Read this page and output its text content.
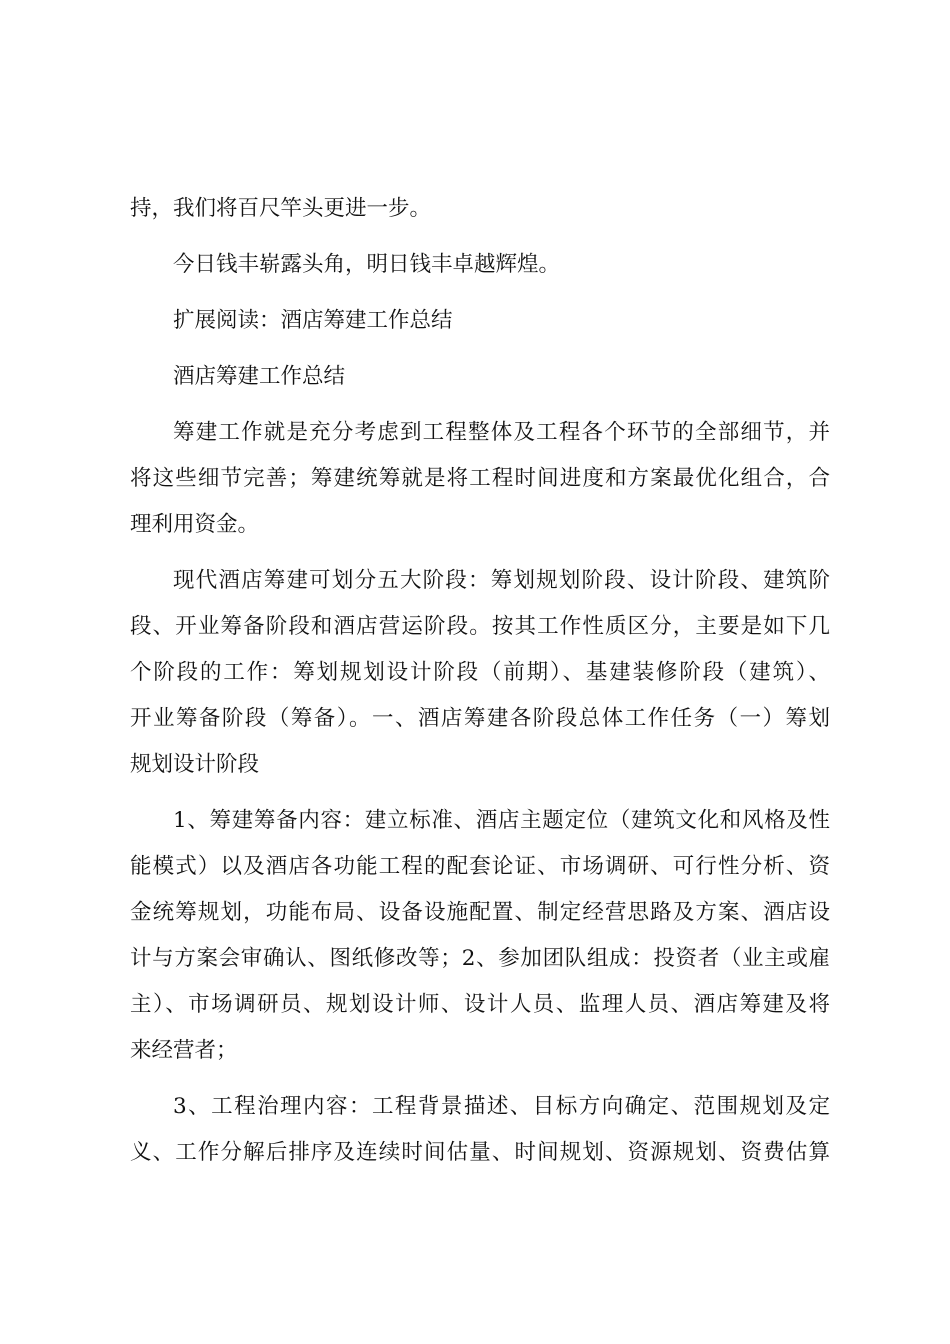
持，我们将百尺竿头更进一步。
今日钱丰崭露头角，明日钱丰卓越辉煌。
扩展阅读：酒店筹建工作总结
酒店筹建工作总结
筹建工作就是充分考虑到工程整体及工程各个环节的全部细节，并
将这些细节完善；筹建统筹就是将工程时间进度和方案最优化组合，合
理利用资金。
现代酒店筹建可划分五大阶段：筹划规划阶段、设计阶段、建筑阶
段、开业筹备阶段和酒店营运阶段。按其工作性质区分，主要是如下几
个阶段的工作：筹划规划设计阶段（前期）、基建装修阶段（建筑）、
开业筹备阶段（筹备）。一、酒店筹建各阶段总体工作任务（一）筹划
规划设计阶段
1、筹建筹备内容：建立标准、酒店主题定位（建筑文化和风格及性
能模式）以及酒店各功能工程的配套论证、市场调研、可行性分析、资
金统筹规划，功能布局、设备设施配置、制定经营思路及方案、酒店设
计与方案会审确认、图纸修改等；2、参加团队组成：投资者（业主或雇
主）、市场调研员、规划设计师、设计人员、监理人员、酒店筹建及将
来经营者；
3、工程治理内容：工程背景描述、目标方向确定、范围规划及定
义、工作分解后排序及连续时间估量、时间规划、资源规划、资费估算
